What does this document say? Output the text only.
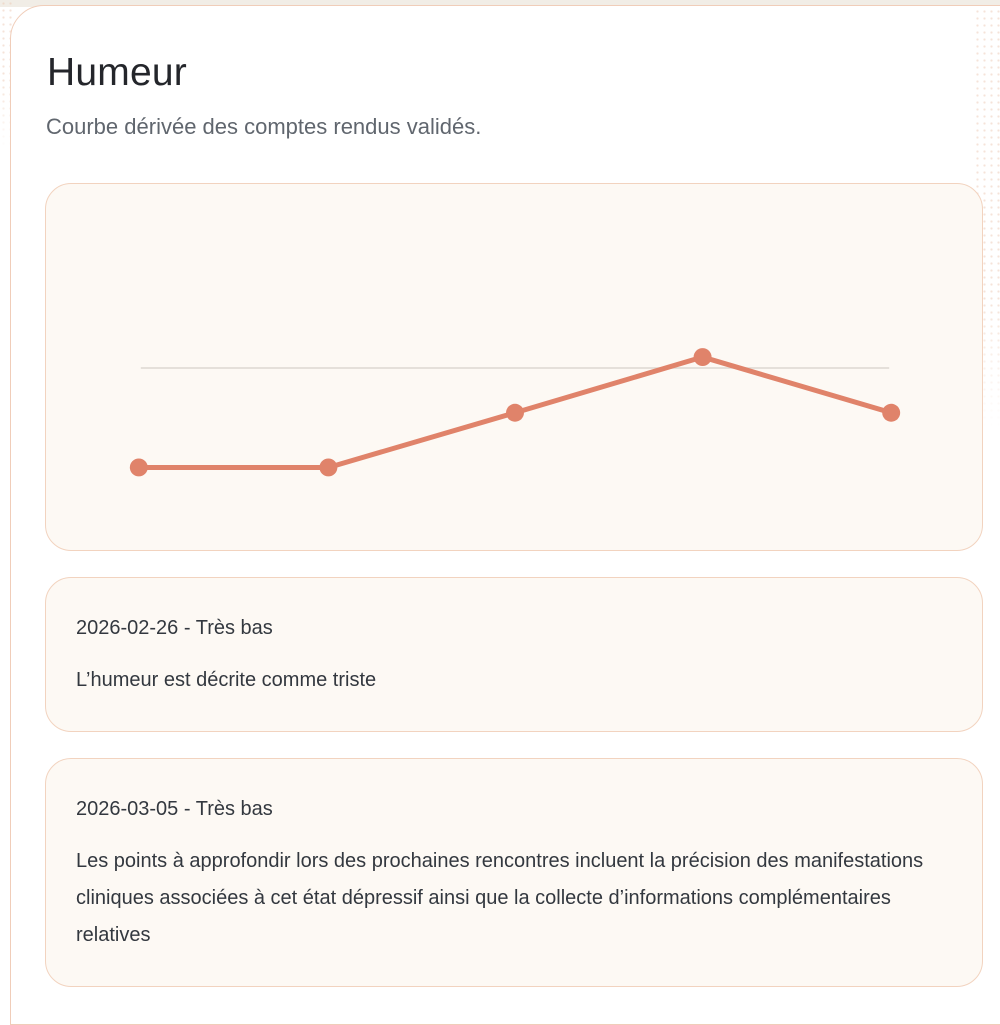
Humeur

Courbe dérivée des comptes rendus validés.

2026-02-26 - Très bas
L’humeur est décrite comme triste
2026-03-05 - Très bas
Les points à approfondir lors des prochaines rencontres incluent la précision des manifestations cliniques associées à cet état dépressif ainsi que la collecte d’informations complémentaires relatives
